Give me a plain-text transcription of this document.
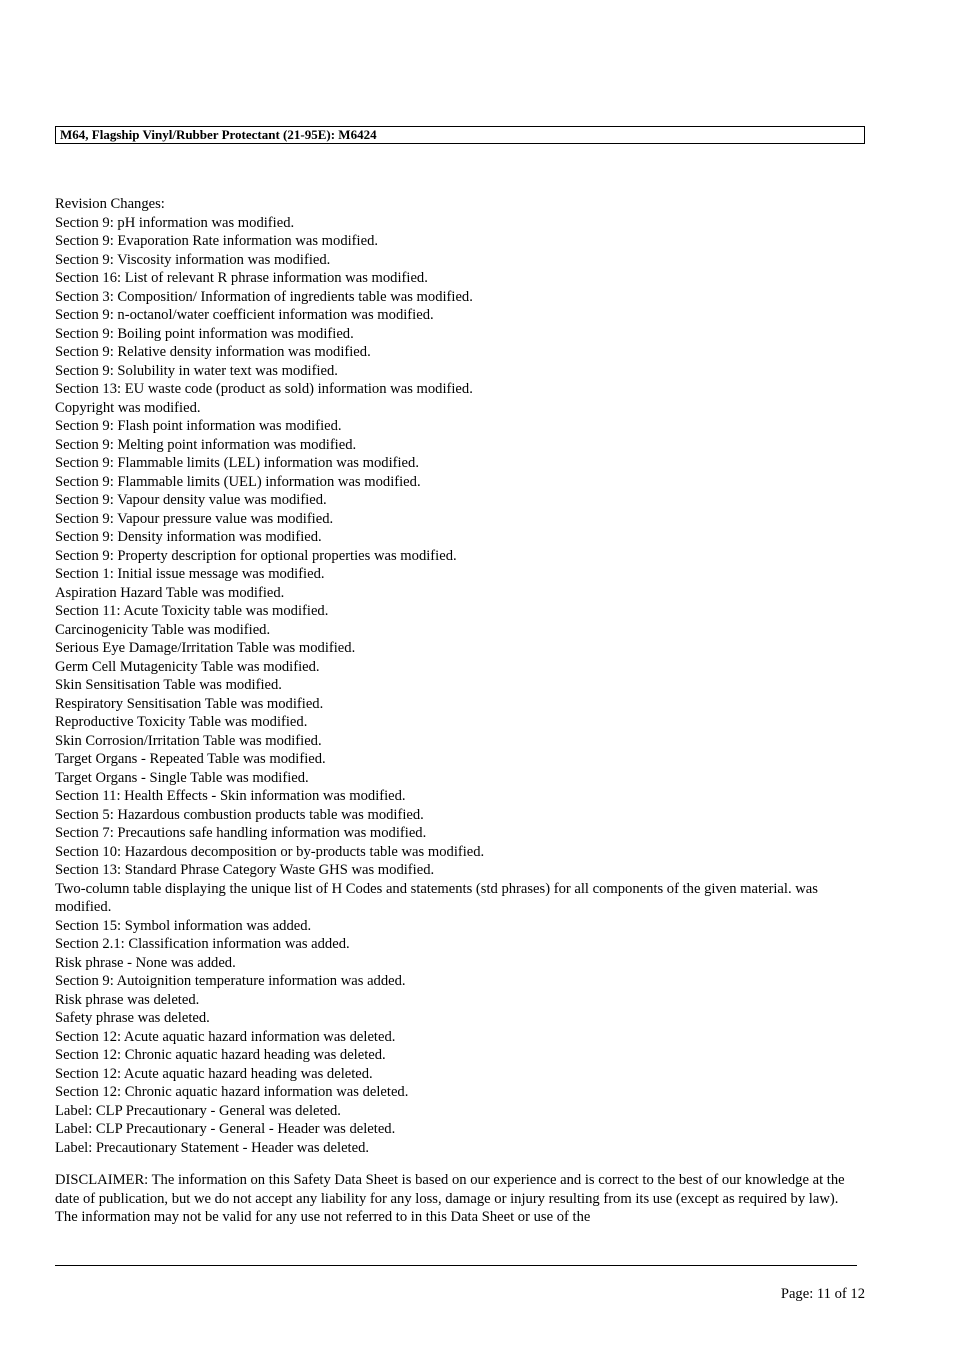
M64, Flagship Vinyl/Rubber Protectant (21-95E): M6424
Revision Changes:
Section 9: pH information was modified.
Section 9: Evaporation Rate information was modified.
Section 9: Viscosity information was modified.
Section 16: List of relevant R phrase information was modified.
Section 3: Composition/ Information of ingredients table was modified.
Section 9: n-octanol/water coefficient information was modified.
Section 9: Boiling point information was modified.
Section 9: Relative density information was modified.
Section 9: Solubility in water text was modified.
Section 13: EU waste code (product as sold) information was modified.
Copyright was modified.
Section 9: Flash point information was modified.
Section 9: Melting point information was modified.
Section 9: Flammable limits (LEL) information was modified.
Section 9: Flammable limits (UEL) information was modified.
Section 9: Vapour density value was modified.
Section 9: Vapour pressure value was modified.
Section 9: Density information was modified.
Section 9: Property description for optional properties was modified.
Section 1: Initial issue message was modified.
Aspiration Hazard Table was modified.
Section 11: Acute Toxicity table was modified.
Carcinogenicity Table was modified.
Serious Eye Damage/Irritation Table was modified.
Germ Cell Mutagenicity Table was modified.
Skin Sensitisation Table was modified.
Respiratory Sensitisation Table was modified.
Reproductive Toxicity Table was modified.
Skin Corrosion/Irritation Table was modified.
Target Organs - Repeated Table was modified.
Target Organs - Single Table was modified.
Section 11: Health Effects - Skin information was modified.
Section 5: Hazardous combustion products table was modified.
Section 7: Precautions safe handling information was modified.
Section 10: Hazardous decomposition or by-products table was modified.
Section 13: Standard Phrase Category Waste GHS was modified.
Two-column table displaying the unique list of H Codes and statements (std phrases) for all components of the given material. was modified.
Section 15: Symbol information was added.
Section 2.1: Classification information was added.
Risk phrase - None was added.
Section 9: Autoignition temperature information was added.
Risk phrase was deleted.
Safety phrase was deleted.
Section 12: Acute aquatic hazard information was deleted.
Section 12: Chronic aquatic hazard heading was deleted.
Section 12: Acute aquatic hazard heading was deleted.
Section 12: Chronic aquatic hazard information was deleted.
Label: CLP Precautionary - General was deleted.
Label: CLP Precautionary - General - Header was deleted.
Label: Precautionary Statement - Header was deleted.
DISCLAIMER: The information on this Safety Data Sheet is based on our experience and is correct to the best of our knowledge at the date of publication, but we do not accept any liability for any loss, damage or injury resulting from its use (except as required by law). The information may not be valid for any use not referred to in this Data Sheet or use of the
Page: 11 of 12
